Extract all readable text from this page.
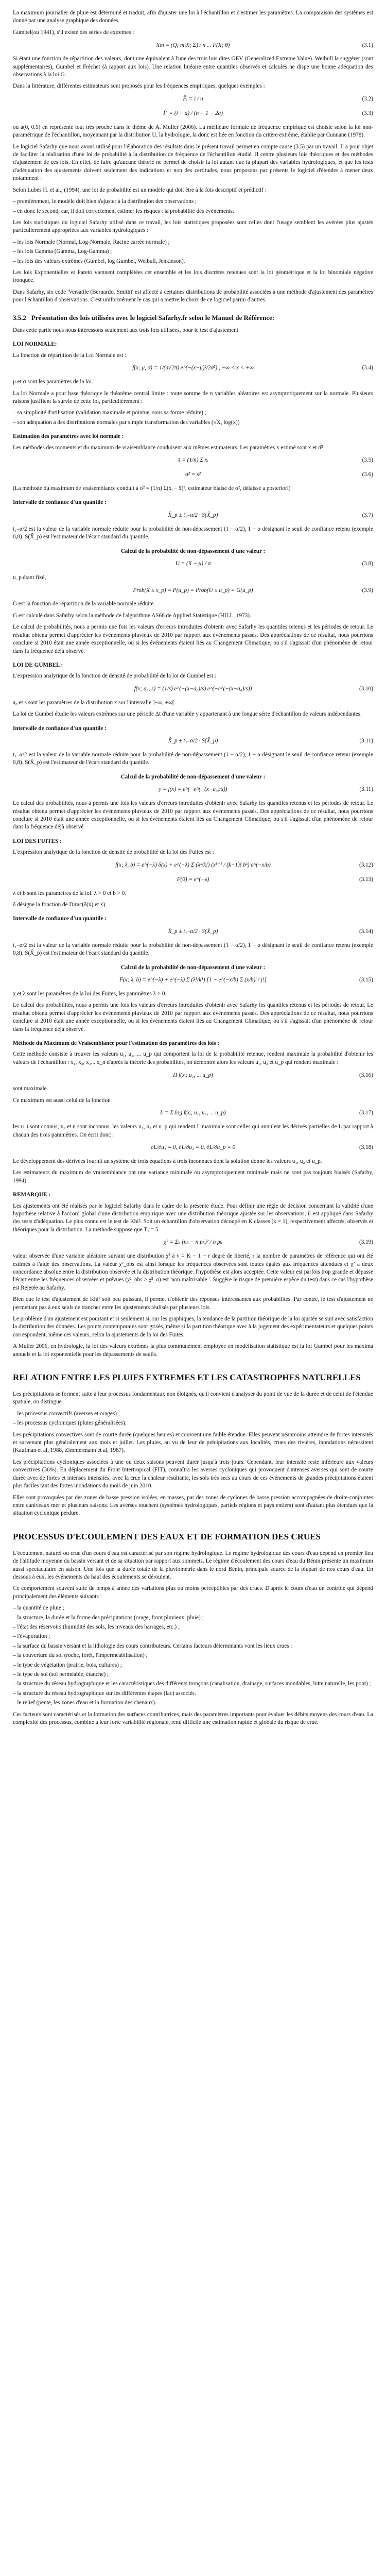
La maximum journalier de pluie est déterminé et traduit, afin d'ajuster une loi à l'échantillon et d'estimer les paramètres. La comparaison des systèmes est donné par une analyse graphique des données.

Gumbel(ou 1941), s'il existe des séries de extremes :

Xm = (Q; m|X; Σ) / n ... F(X; θ)	(3.1)

Si étant une fonction de répartition des valeurs, dont une équivalent à l'une des trois lois dites GEV (Generalized Extreme Value). Weibull la suggérer (sont supplémentaires), Gumbel et Fréchet (à rapport aux lois). Une relation linéaire entre quantiles observés et calculés ne dispe une bonne adéquation des observations à la loi G.

Dans la littérature, différentes estimateurs sont proposés pour les fréquences empiriques, quelques exemples :

F̂ᵢ = i / n	(3.2)
F̂ᵢ = (i − a) / (n + 1 − 2a)	(3.3)

où a(0, 0.5) en représente tout très proche dans le thème de A. Muller (2006). La meilleure formule de fréquence empirique est choisie selon la loi non-paramétrique de l'échantillon, moyennant par la distribution U, la hydrologie, la donc est liée en fonction du critère extrême, établie par Cunnane (1978).

Le logiciel Safarhy que nous avons utilisé pour l'élaboration des résultats dans le présent travail permet en compte cause (3.5) par un travail. Il a pour objet de faciliter la réalisation d'une loi de probabilité à la distribution de fréquence de l'échantillon étudié. Il centre plusieurs lois théoriques et des méthodes d'ajustement de ces lois. En effet, de faire qu'aucune théorie ne permet de choisir la loi autant que la plupart des variables hydrologiques, et que les tests d'adéquation des ajustements doivent seulement des indications et non des certitudes, nous proposons par présents le logiciel d'étendre à mener deux notamment :

Selon Lubès H. et al., (1994), une loi de probabilité est un modèle qui doit être à la fois descriptif et prédictif :

– premièrement, le modèle doit bien s'ajuster à la distribution des observations ;
– en donc le second, car, il doit correctement estimer les risques : la probabilité des événements.

Les lois statistiques du logiciel Safarhy utilisé dans ce travail, les lois statistiques proposées sont celles dont l'usage semblent les avérées plus ajustés particulièrement appropriées aux variables hydrologiques :

– les lois Normale (Normal, Log-Normale, Racine carrée normale) ;
– les lois Gamma (Gamma, Log-Gamma) ;
– les lois des valeurs extrêmes (Gumbel, log Gumbel, Weibull, Jenkinson).

Les lois Exponentielles et Pareto viennent complétées cet ensemble et les lois discrètes retenues sont la loi géométrique et la loi binomiale négative tronquée.

Dans Safarhy, six code 'Versatile (Bernardo, Smith)' est affecté à certaines distributions de probabilité associées à une méthode d'ajustement des paramètres pour l'échantillon d'observations. C'est uniformément le cas qui a mettre le choix de ce logiciel parmi d'autres.

3.5.2 Présentation des lois utilisées avec le logiciel Safarhy.fr selon le Manuel de Référence:

Dans cette partie nous nous intéressons seulement aux trois lois utilisées, pour le test d'ajustement

LOI NORMALE:

La fonction de répartition de la Loi Normale est :

f(x; μ, σ) = 1/(σ√2π) e^(−(x−μ)²/2σ²) , −∞ < x < +∞	(3.4)

μ et σ sont les paramètres de la loi.

La loi Normale a pour base théorique le théorème central limite : toute somme de n variables aléatoires est asymptotiquement sur la normale. Plusieurs raisons justifient la survie de cette loi, particulièrement :

– sa simplicité d'utilisation (validation maximale et pointue, sous sa forme réduite) ;
– son adéquation à des distributions normales par simple transformation des variables (√X, log(x))
Estimation des paramètres avec loi normale :

Les méthodes des moments et du maximum de vraisemblance conduisent aux mêmes estimateurs. Les paramètres x estimé sont x̄ et σ̂²

x̄ = (1/n) Σ xᵢ	(3.5)
σ̂² = s²	(3.6)

(La méthode du maximum de vraisemblance conduit à σ̂² = (1/n) Σ(xᵢ − x̄)², estimateur biaisé de σ², délaissé a posteriori)

Intervalle de confiance d'un quantile :
X̂_p ± t₁₋α/2 · S(X̂_p)	(3.7)

t₁₋α/2 est la valeur de la variable normale réduite pour la probabilité de non-dépassement (1 − α/2), 1 − α désignant le seuil de confiance retenu (exemple 0,8). S(X̂_p) est l'estimateur de l'écart standard du quantile.

Calcul de la probabilité de non-dépassement d'une valeur :
U = (X − μ) / σ	(3.8)

u_p étant fixé,

Prob(X ≤ x_p) = P(u_p) = Prob(U ≤ u_p) = G(u_p)	(3.9)

G est la fonction de répartition de la variable normale réduite.

G est calculé dans Safarhy selon la méthode de l'algorithme AS66 de Applied Statistique (HILL, 1973).

Le calcul de probabilités, nous a permis une fois les valeurs d'erreurs introduites d'obtenir avec Safarhy les quantiles retenus et les périodes de retour. Le résultat obtenu permet d'apprécier les événements pluvieux de 2010 par rapport aux événements passés. Des appréciations de ce résultat, nous pourrions conclure si 2010 était une année exceptionnelle, ou si les événements étaient liés au Changement Climatique, ou s'il s'agissait d'un phénomène de retour dans la fréquence déjà observé.

LOI DE GUMBEL :

L'expression analytique de la fonction de densité de probabilité de la loi de Gumbel est :

f(x; a₀, s) = (1/s) e^(−(x−a₀)/s) e^(−e^(−(x−a₀)/s))	(3.10)

a₀ et s sont les paramètres de la distribution x sur l'intervalle ]−∞, +∞[.

La loi de Gumbel étudie les valeurs extrêmes sur une période Δt d'une variable y appartenant à une longue série d'échantillon de valeurs indépendantes.

Intervalle de confiance d'un quantile :
X̂_p ± t₁₋α/2 · S(X̂_p)	(3.11)

t₁₋α/2 est la valeur de la variable normale réduite pour la probabilité de non-dépassement (1 − α/2), 1 − α désignant le seuil de confiance retenu (exemple 0,8). S(X̂_p) est l'estimateur de l'écart standard du quantile.

Calcul de la probabilité de non-dépassement d'une valeur :
y = f(x) = e^(−e^(−(x−a₀)/s))	(3.11)

Le calcul des probabilités, nous a permis une fois les valeurs d'erreurs introduites d'obtenir avec Safarhy les quantiles retenus et les périodes de retour. Le résultat obtenu permet d'apprécier les événements pluvieux de 2010 par rapport aux événements passés. Des appréciations de ce résultat, nous pourrions conclure si 2010 était une année exceptionnelle, ou si les événements étaient liés au Changement Climatique, ou s'il s'agissait d'un phénomène de retour dans la fréquence déjà observé.

LOI DES FUITES :

L'expression analytique de la fonction de densité de probabilité de la loi des Fuites est :

f(x; λ, b) = e^(−λ) δ(x) + e^(−λ) Σ (λᵏ/k!) (xᵏ⁻¹ / (k−1)! bᵏ) e^(−x/b)	(3.12)
F(0) = e^(−λ)	(3.13)

λ et b sont les paramètres de la loi. λ > 0 et b > 0.

δ désigne la fonction de Dirac(δ(x) et x).

Intervalle de confiance d'un quantile :
X̂_p ± t₁₋α/2 · S(X̂_p)	(3.14)

t₁₋α/2 est la valeur de la variable normale réduite pour la probabilité de non-dépassement (1 − α/2), 1 − α désignant le seuil de confiance retenu (exemple 0,8). S(X̂_p) est l'estimateur de l'écart standard du quantile.

Calcul de la probabilité de non-dépassement d'une valeur :
F(x; λ, b) = e^(−λ) + e^(−λ) Σ (λᵏ/k!) [1 − e^(−x/b) Σ (x/b)ʲ / j!]	(3.15)

x et λ sont les paramètres de la loi des Fuites, les paramètres λ > 0.

Le calcul des probabilités, nous a permis une fois les valeurs d'erreurs introduites d'obtenir avec Safarhy les quantiles retenus et les périodes de retour. Le résultat obtenu permet d'apprécier les événements pluvieux de 2010 par rapport aux événements passés. Des appréciations de ce résultat, nous pourrions conclure si 2010 était une année exceptionnelle, ou si les événements étaient liés au Changement Climatique, ou s'il s'agissait d'un phénomène de retour dans la fréquence déjà observé.

Méthode du Maximum de Vraisemblance pour l'estimation des paramètres des lois :

Cette méthode consiste à trouver les valeurs u₁, u₂, ... u_p qui comportent la loi de la probabilité retenue, rendent maximale la probabilité d'obtenir les valeurs de l'échantillon : x₁, x₂, x₃... x_n d'après la théorie des probabilités, on démontre alors les valeurs u₁, u₂ et u_p qui rendent maximale :

Π f(xᵢ; u₁, ... u_p)	(3.16)

sont maximale.

Ce maximum est aussi celui de la fonction

L = Σ log f(xᵢ; u₁, u₂, ... u_p)	(3.17)

les u_i sont connus, x₁ et n sont inconnus. les valeurs u₁, u₂ et u_p qui rendent L maximale sont celles qui annulent les dérivés partielles de L par rapport à chacun des trois paramètres. On écrit donc :

∂L/∂u₁ = 0, ∂L/∂u₂ = 0, ∂L/∂u_p = 0	(3.18)

Le développement des dérivées fournit un système de trois équations à trois inconnues dont la solution donne les valeurs u₁, u₂ et u_p.

Les estimateurs du maximum de vraisemblance ont une variance minimale ou asymptotiquement minimale mais ne sont pas toujours biaisés (Safarhy, 1994).

REMARQUE :

Les ajustements ont été réalisés par le logiciel Safarhy dans le cadre de la présente étude. Pour définir une règle de décision concernant la validité d'une hypothèse relative à l'accord global d'une distribution empirique avec une distribution théorique ajustée sur les observations, il est appliqué dans Safarhy des tests d'adéquation. Le plus connu est le test de Khi². Soit un échantillon d'observation découpé en K classes (k = 1), respectivement affectés, observés et théoriques pour la distribution. La méthode suppose que T₁ = 5.

χ² = Σₖ (nₖ − n pₖ)² / n pₖ	(3.19)

valeur observée d'une variable aléatoire suivant une distribution χ² à ν = K − 1 − r degré de liberté, r la nombre de paramètres de référence qui ont été estimés à l'aide des observations. La valeur χ²_obs est ainsi lorsque les fréquences observées sont toutes égales aux fréquences attendues et χ² a deux concordance absolue entre la distribution observée et la distribution théorique. l'hypothèse est alors acceptée. Cette valeur est parfois trop grande et dépasse l'écart entre les fréquences observées et prévues (χ²_obs > χ²_α) est 'non maîtrisable '. Suggère le risque de première espèce du test) dans ce cas l'hypothèse est Rejetée au Safarhy.

Bien que le test d'ajustement de Khi² soit peu puissant, il permet d'obtenir des réponses intéressantes aux probabilités. Par contre, le test d'ajustement ne permettant pas à eux seuls de trancher entre les ajustements réalisés par plusieurs lois.

Le problème d'un ajustement est pourtant et si seulement si, sur les graphiques, la tendance de la partition théorique de la loi ajustée se suit avec satisfaction la distribution des données. Les points contemporains sont grisés, même si la partition théorique avec à la jugement des expérimentateurs et quelques points correspondent, même ces valeurs, selon la ajustements de la loi des Fuites.

A Muller 2006, en hydrologie, la loi des valeurs extrêmes la plus communément employée en modélisation statistique est la loi Gumbel pour les maxima annuels et la loi exponentielle pour les dépassements de seuils.

RELATION ENTRE LES PLUIES EXTREMES ET LES CATASTROPHES NATURELLES

Les précipitations se forment suite à leur processus fondamentaux non éloignés, qu'il convient d'analyser du point de vue de la durée et de celui de l'étendue spatiale, on distingue :

– les processus convectifs (averses et orages) ;
– les processus cycloniques (pluies généralisées).

Les précipitations convectives sont de courte durée (quelques heures) et couvrent une faible étendue. Elles peuvent néanmoins atteindre de fortes intensités et survenant plus généralement aux mois et juillet. Les pluies, au vu de leur de précipitations aux localités, crues des rivières, inondations nécessitent (Kaufman et al, 1988, Zimmermann et al, 1987).

Les précipitations cycloniques associées à une ou deux saisons peuvent durer jusqu'à trois jours. Cependant, leur intensité reste inférieure aux valeurs convectives (30%). En déplacement du Front Intertropical (FIT), connaîtra les averses cycloniques qui provoquent d'intenses averses qui sont de courte durée avec de fortes et intenses intensités, avec la crue la chaleur résultante, les sols très secs au cours de ces événements de grandes précipitations étaient plus faciles tant des fortes inondations du mois de juin 2010.

Elles sont provoquées par des zones de basse pression isolées, en masses, par des zones de cyclones de basse pression accompagnées de droite-conjointes entre caniveaux mer et plusieurs saisons. Les averses touchent (systèmes hydrologiques, partiels régions et pays entiers) sont d'autant plus étendues que la situation cyclonique perdure.

PROCESSUS D'ECOULEMENT DES EAUX ET DE FORMATION DES CRUES

L'écoulement naturel ou crue d'un cours d'eau est caractérisé par son régime hydrologique. Le régime hydrologique des cours d'eau dépend en premier lieu de l'altitude moyenne du bassin versant et de sa situation par rapport aux sommets. Le régime d'écoulement des cours d'eau du Bénin présente un maximum aussi spectaculaire en saison. Une fois que la durée totale de la pluviométrie dans le nord Bénin, principale source de la plupart de nos cours d'eau. En dessous à eux, les événements du haut des écoulements se déroulent.

Ce comportement souvent suite de temps à année des variations plus ou moins perceptibles par des crues. D'après le cours d'eau un contrôle qui dépend principalement des éléments suivants :

– la quantité de pluie ;
– la structure, la durée et la forme des précipitations (orage, front pluvieux, pluie) ;
– l'état des réservoirs (humidité des sols, les niveaux des barrages, etc.) ;
– l'évaporation ;
– la surface du bassin versant et la lithologie des cours contributeurs. Certains facteurs déterminants vont les lieux crues :
– la couverture du sol (roche, forêt, l'imperméabilisation) ;
– le type de végétation (prairie, bois, cultures) ;
– le type de sol (sol perméable, étanche) ;
– la structure du réseau hydrographique et les caractéristiques des différents tronçons (canalisation, drainage, surfaces inondables, lutte naturelle, les pont) ;
– la structure du réseau hydrographique sur les différentes étapes (lac) associés.
– le relief (pente, les zones d'eau et la formation des chenaux).

Ces facteurs sont caractérisés et la formation des surfaces contributrices, mais des paramètres importants pour évaluer les débits moyens des cours d'eau. La complexité des processus, combine à leur forte variabilité régionale, rend difficile une estimation rapide et globale du risque de crue.
